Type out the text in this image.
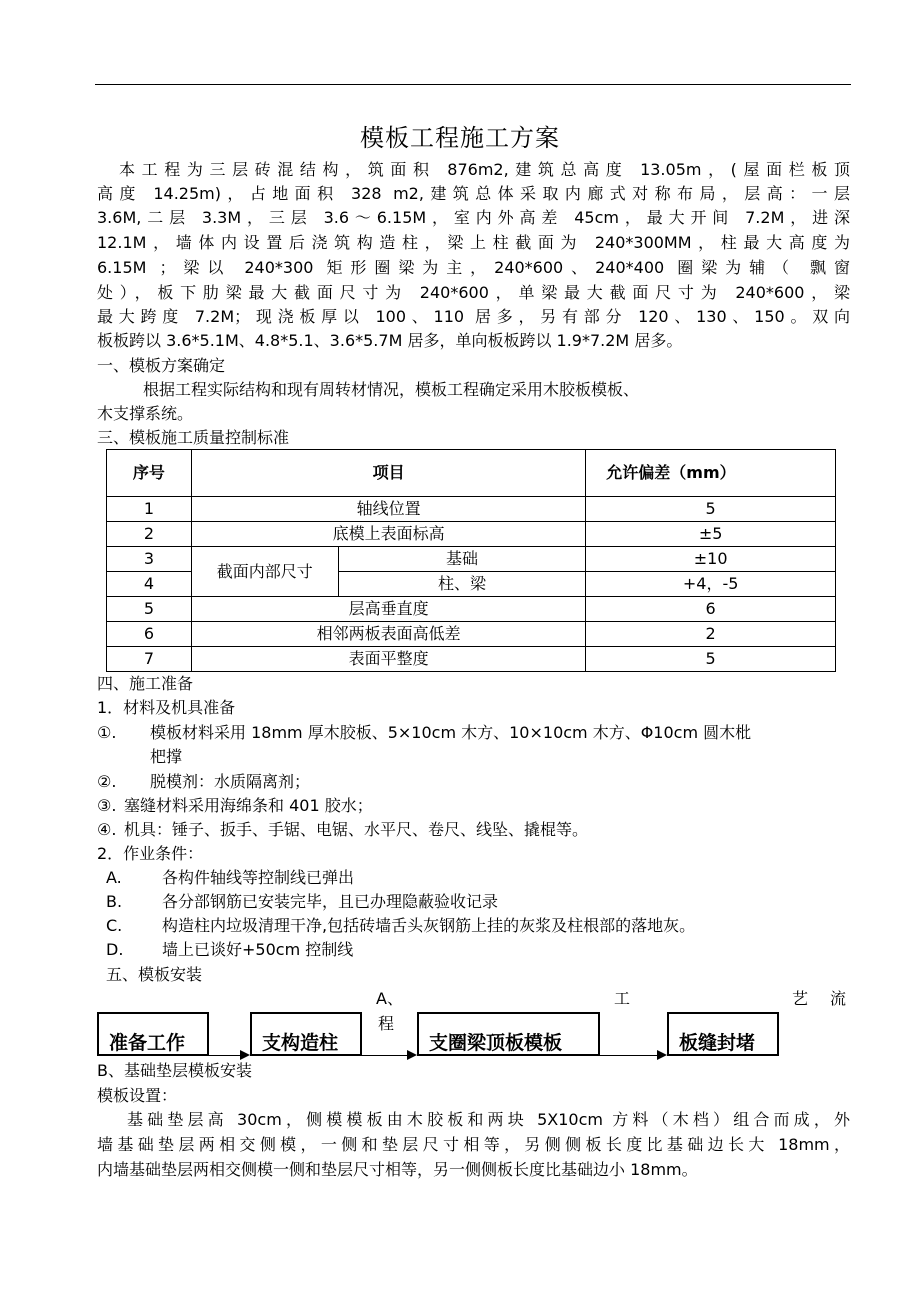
模板工程施工方案
本工程为三层砖混结构，筑面积 876m2,建筑总高度 13.05m，(屋面栏板顶
高度 14.25m)，占地面积 328 m2,建筑总体采取内廊式对称布局，层高：一层
3.6M,二层 3.3M，三层 3.6～6.15M，室内外高差 45cm，最大开间 7.2M，进深
12.1M，墙体内设置后浇筑构造柱，梁上柱截面为 240*300MM，柱最大高度为
6.15M ；梁以 240*300 矩形圈梁为主，240*600、240*400 圈梁为辅（ 飘窗
处），板下肋梁最大截面尺寸为 240*600，单梁最大截面尺寸为 240*600，梁
最大跨度 7.2M；现浇板厚以 100、110 居多，另有部分 120、130、150。双向
板板跨以 3.6*5.1M、4.8*5.1、3.6*5.7M 居多，单向板板跨以 1.9*7.2M 居多。
一、模板方案确定
根据工程实际结构和现有周转材情况，模板工程确定采用木胶板模板、
木支撑系统。
三、模板施工质量控制标准
序号	项目		允许偏差（mm）
1	轴线位置		5
2	底模上表面标高		±5
3	截面内部尺寸	基础	±10
4		柱、梁	+4，-5
5	层高垂直度		6
6	相邻两板表面高低差		2
7	表面平整度		5
四、施工准备
1．材料及机具准备
①. 模板材料采用 18mm 厚木胶板、5×10cm 木方、10×10cm 木方、Φ10cm 圆木枇
杷撑
②. 脱模剂：水质隔离剂；
③. 塞缝材料采用海绵条和 401 胶水；
④. 机具：锤子、扳手、手锯、电锯、水平尺、卷尺、线坠、撬棍等。
2．作业条件：
A.	各构件轴线等控制线已弹出
B. 各分部钢筋已安装完毕，且已办理隐蔽验收记录
C. 构造柱内垃圾清理干净,包括砖墙舌头灰钢筋上挂的灰浆及柱根部的落地灰。
D. 墙上已谈好+50cm 控制线
五、模板安装
A、	工	艺 流
程
准备工作	支构造柱	支圈梁顶板模板	板缝封堵
B、基础垫层模板安装
模板设置：
基础垫层高 30cm，侧模模板由木胶板和两块 5X10cm 方料（木档）组合而成，外
墙基础垫层两相交侧模，一侧和垫层尺寸相等，另侧侧板长度比基础边长大 18mm，
内墙基础垫层两相交侧模一侧和垫层尺寸相等，另一侧侧板长度比基础边小 18mm。
